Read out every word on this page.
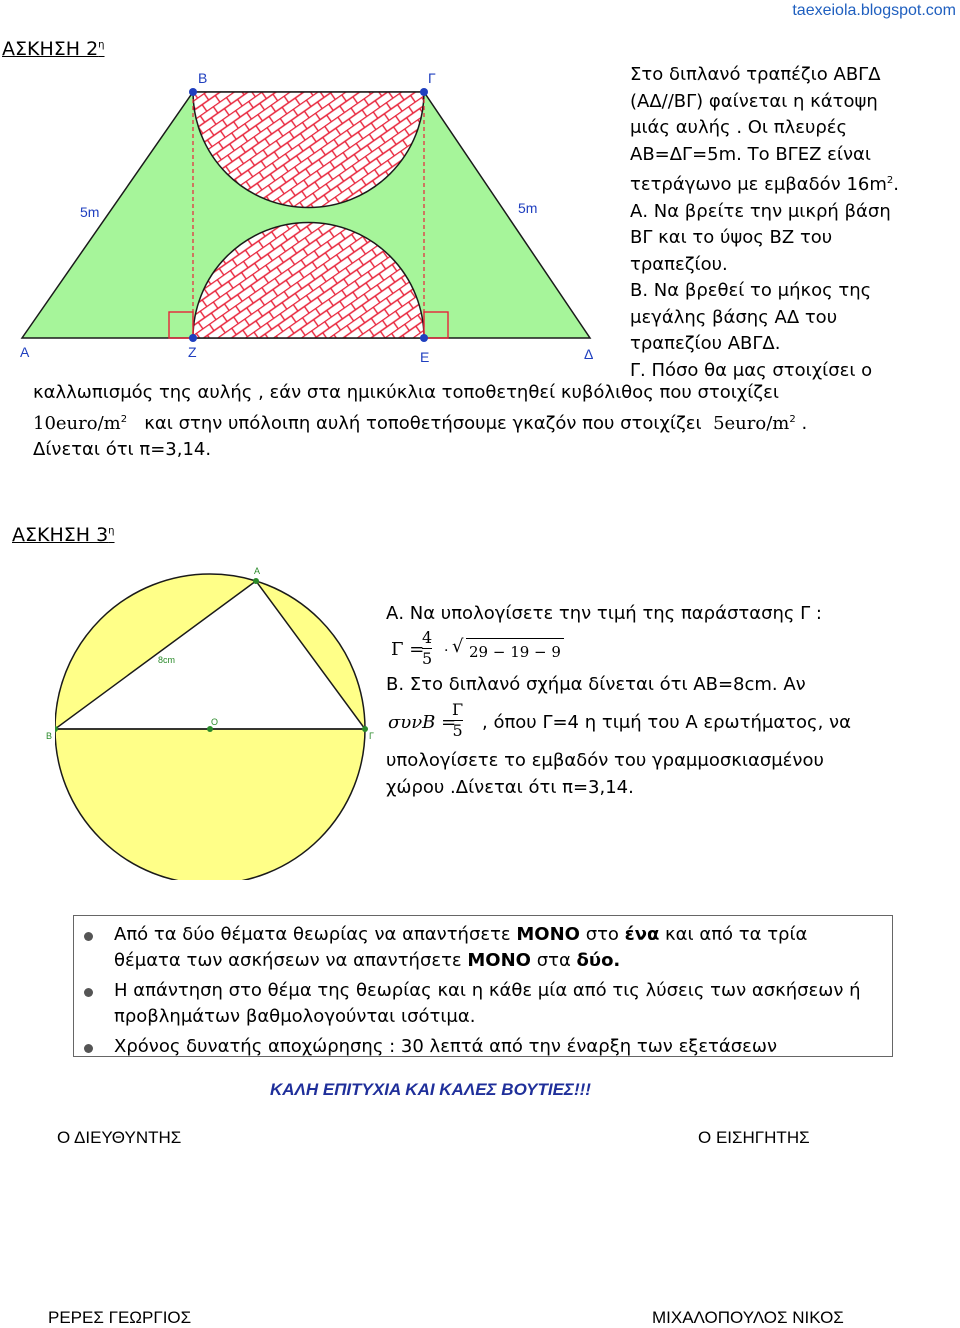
taexeiola.blogspot.com
ΑΣΚΗΣΗ $2^\eta$
B	Γ
A	Z	E	Δ
5m	5m
Στο διπλανό τραπέζιο ΑΒΓΔ
(ΑΔ//ΒΓ) φαίνεται η κάτοψη
μιάς αυλής . Οι πλευρές
ΑΒ=ΔΓ=5m. Το ΒΓΕΖ είναι
τετράγωνο με εμβαδόν $16m^2$.
Α. Να βρείτε την μικρή βάση
ΒΓ και το ύψος ΒΖ του
τραπεζίου.
Β. Να βρεθεί το μήκος της
μεγάλης βάσης ΑΔ του
τραπεζίου ΑΒΓΔ.
Γ. Πόσο θα μας στοιχίσει ο
καλλωπισμός της αυλής , εάν στα ημικύκλια τοποθετηθεί κυβόλιθος που στοιχίζει
$10euro/m^2$ και στην υπόλοιπη αυλή τοποθετήσουμε γκαζόν που στοιχίζει $5euro/m^2$ .
Δίνεται ότι π=3,14.
ΑΣΚΗΣΗ $3^\eta$
A
B	Γ
O
8cm
Α. Να υπολογίσετε την τιμή της παράστασης Γ :
Γ =
$\frac{4}{5}$ · √ 29 − 19 − 9
Β. Στο διπλανό σχήμα δίνεται ότι ΑΒ=8cm. Αν
συνB =
$\frac{\Gamma}{5}$ , όπου Γ=4 η τιμή του Α ερωτήματος, να
υπολογίσετε το εμβαδόν του γραμμοσκιασμένου
χώρου .Δίνεται ότι π=3,14.
Από τα δύο θέματα θεωρίας να απαντήσετε ΜΟΝΟ στο ένα και από τα τρία
θέματα των ασκήσεων να απαντήσετε ΜΟΝΟ στα δύο.
Η απάντηση στο θέμα της θεωρίας και η κάθε μία από τις λύσεις των ασκήσεων ή προβλημάτων βαθμολογούνται ισότιμα.
Χρόνος δυνατής αποχώρησης : 30 λεπτά από την έναρξη των εξετάσεων
ΚΑΛΗ ΕΠΙΤΥΧΙΑ ΚΑΙ ΚΑΛΕΣ ΒΟΥΤΙΕΣ!!!
Ο ΔΙΕΥΘΥΝΤΗΣ	Ο ΕΙΣΗΓΗΤΗΣ
ΡΕΡΕΣ ΓΕΩΡΓΙΟΣ	ΜΙΧΑΛΟΠΟΥΛΟΣ ΝΙΚΟΣ
